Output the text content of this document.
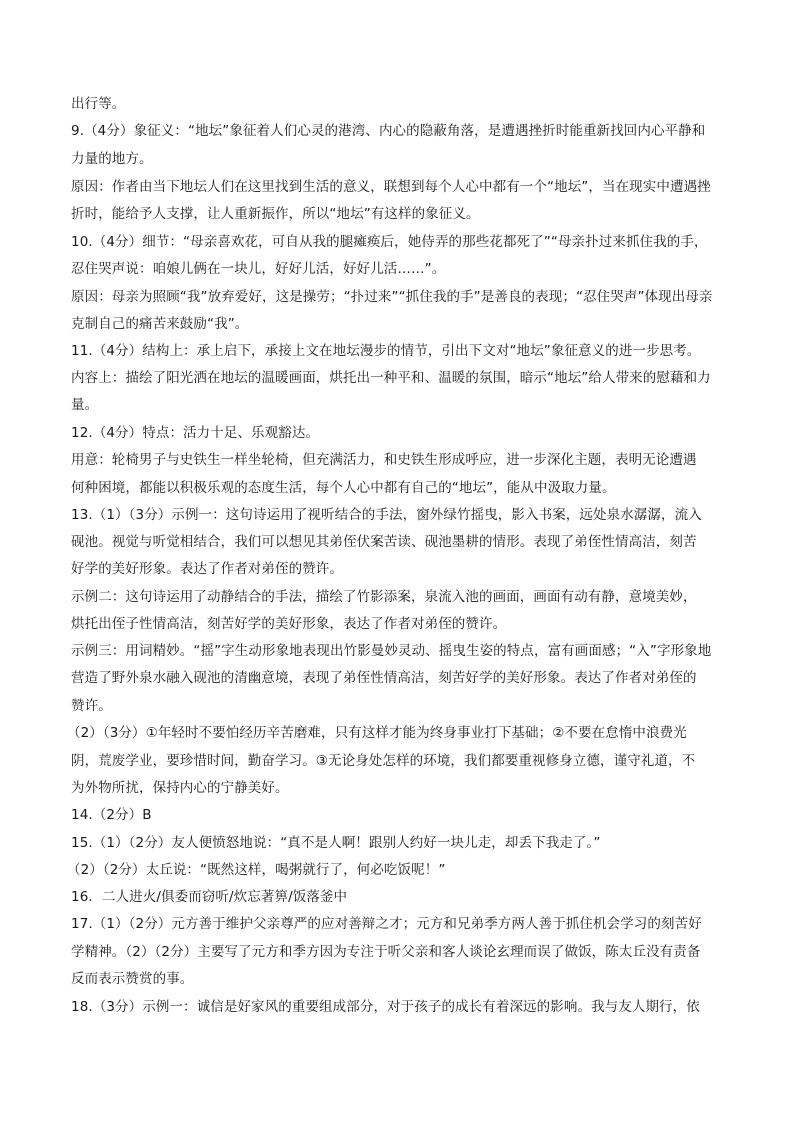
出行等。
9.（4分）象征义：“地坛”象征着人们心灵的港湾、内心的隐蔽角落，是遭遇挫折时能重新找回内心平静和
力量的地方。
原因：作者由当下地坛人们在这里找到生活的意义，联想到每个人心中都有一个“地坛”，当在现实中遭遇挫
折时，能给予人支撑，让人重新振作，所以“地坛”有这样的象征义。
10.（4分）细节：“母亲喜欢花，可自从我的腿瘫痪后，她侍弄的那些花都死了”“母亲扑过来抓住我的手，
忍住哭声说：咱娘儿俩在一块儿，好好儿活，好好儿活……”。
原因：母亲为照顾“我”放弃爱好，这是操劳；“扑过来”“抓住我的手”是善良的表现；“忍住哭声”体现出母亲
克制自己的痛苦来鼓励“我”。
11.（4分）结构上：承上启下，承接上文在地坛漫步的情节，引出下文对“地坛”象征意义的进一步思考。
内容上：描绘了阳光洒在地坛的温暖画面，烘托出一种平和、温暖的氛围，暗示“地坛”给人带来的慰藉和力
量。
12.（4分）特点：活力十足、乐观豁达。
用意：轮椅男子与史铁生一样坐轮椅，但充满活力，和史铁生形成呼应，进一步深化主题，表明无论遭遇
何种困境，都能以积极乐观的态度生活，每个人心中都有自己的“地坛”，能从中汲取力量。
13.（1）（3分）示例一：这句诗运用了视听结合的手法，窗外绿竹摇曳，影入书案，远处泉水潺潺，流入
砚池。视觉与听觉相结合，我们可以想见其弟侄伏案苦读、砚池墨耕的情形。表现了弟侄性情高洁，刻苦
好学的美好形象。表达了作者对弟侄的赞许。
示例二：这句诗运用了动静结合的手法，描绘了竹影添案，泉流入池的画面，画面有动有静，意境美妙，
烘托出侄子性情高洁，刻苦好学的美好形象，表达了作者对弟侄的赞许。
示例三：用词精妙。“摇”字生动形象地表现出竹影曼妙灵动、摇曳生姿的特点，富有画面感；“入”字形象地
营造了野外泉水融入砚池的清幽意境，表现了弟侄性情高洁，刻苦好学的美好形象。表达了作者对弟侄的
赞许。
（2）（3分）①年轻时不要怕经历辛苦磨难，只有这样才能为终身事业打下基础；②不要在怠惰中浪费光
阴，荒废学业，要珍惜时间，勤奋学习。③无论身处怎样的环境，我们都要重视修身立德，谨守礼道，不
为外物所扰，保持内心的宁静美好。
14.（2分）B
15.（1）（2分）友人便愤怒地说：“真不是人啊！跟别人约好一块儿走，却丢下我走了。”
（2）（2分）太丘说：“既然这样，喝粥就行了，何必吃饭呢！”
16．二人进火/俱委而窃听/炊忘著箅/饭落釜中
17.（1）（2分）元方善于维护父亲尊严的应对善辩之才；元方和兄弟季方两人善于抓住机会学习的刻苦好
学精神。（2）（2分）主要写了元方和季方因为专注于听父亲和客人谈论玄理而误了做饭，陈太丘没有责备
反而表示赞赏的事。
18.（3分）示例一：诚信是好家风的重要组成部分，对于孩子的成长有着深远的影响。我与友人期行，依
